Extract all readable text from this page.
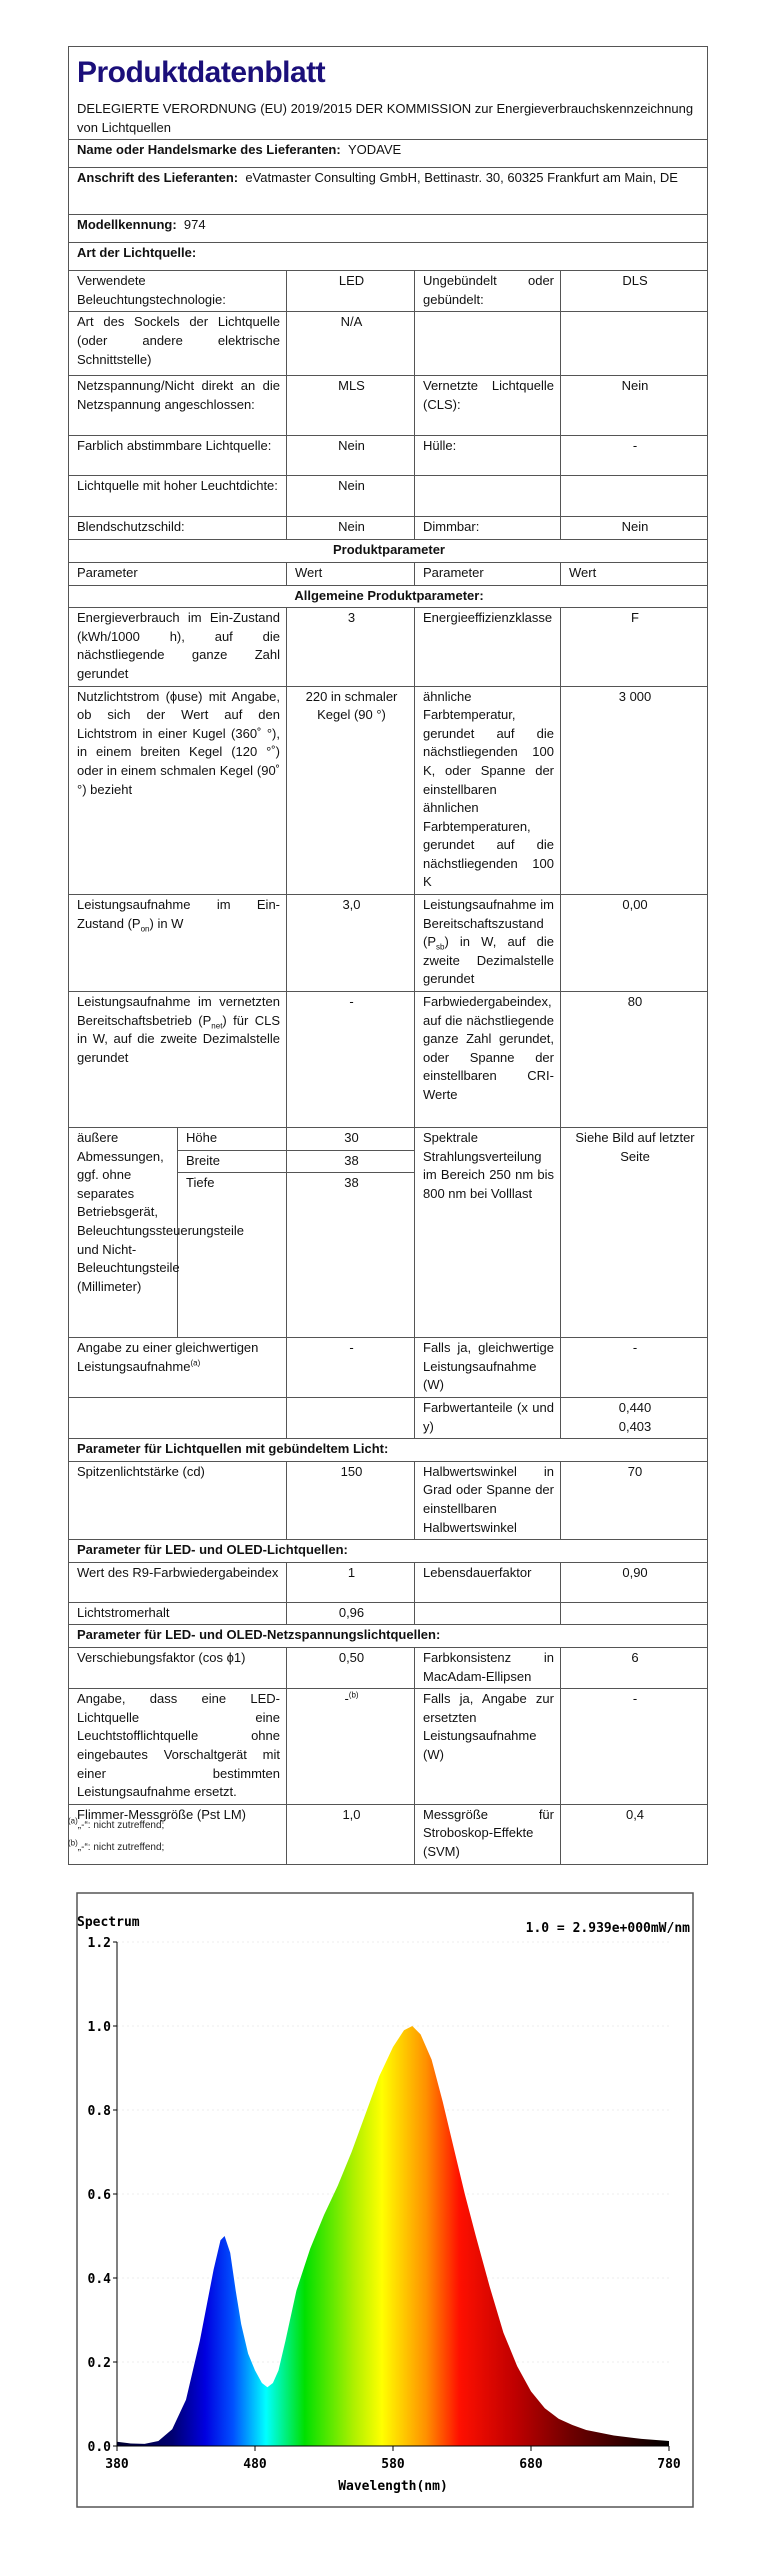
Produktdatenblatt
DELEGIERTE VERORDNUNG (EU) 2019/2015 DER KOMMISSION zur Energieverbrauchskennzeichnung von Lichtquellen				

Name oder Handelsmarke des Lieferanten: YODAVE				
Anschrift des Lieferanten: eVatmaster Consulting GmbH, Bettinastr. 30, 60325 Frankfurt am Main, DE				
Modellkennung: 974				
Art der Lichtquelle:				
Verwendete Beleuchtungstechnologie:		LED	Ungebündelt oder gebündelt:	DLS
Art des Sockels der Lichtquelle (oder andere elektrische Schnittstelle)		N/A		
Netzspannung/Nicht direkt an die Netzspannung angeschlossen:		MLS	Vernetzte Lichtquelle (CLS):	Nein
Farblich abstimmbare Lichtquelle:		Nein	Hülle:	-
Lichtquelle mit hoher Leuchtdichte:		Nein		
Blendschutzschild:		Nein	Dimmbar:	Nein
Produktparameter				
Parameter		Wert	Parameter	Wert
Allgemeine Produktparameter:				
Energieverbrauch im Ein-Zustand (kWh/1000 h), auf die nächstliegende ganze Zahl gerundet		3	Energieeffizienzklasse	F
Nutzlichtstrom (ϕuse) mit Angabe, ob sich der Wert auf den Lichtstrom in einer Kugel (360˚ °), in einem breiten Kegel (120 °˚) oder in einem schmalen Kegel (90˚ °) bezieht		220 in schmaler Kegel (90 °)	ähnliche Farbtemperatur, gerundet auf die nächstliegenden 100 K, oder Spanne der einstellbaren ähnlichen Farbtemperaturen, gerundet auf die nächstliegenden 100 K	3 000
Leistungsaufnahme im Ein-Zustand $(P_{on})$ in W		3,0	Leistungsaufnahme im Bereitschaftszustand $(P_{sb})$ in W, auf die zweite Dezimalstelle gerundet	0,00
Leistungsaufnahme im vernetzten Bereitschaftsbetrieb $(P_{net})$ für CLS in W, auf die zweite Dezimalstelle gerundet		-	Farbwiedergabeindex, auf die nächstliegende ganze Zahl gerundet, oder Spanne der einstellbaren CRI-Werte	80
äußere Abmessungen, ggf. ohne separates Betriebsgerät, Beleuchtungssteuerungsteile und Nicht-Beleuchtungsteile (Millimeter)	Höhe	30	Spektrale Strahlungsverteilung im Bereich 250 nm bis 800 nm bei Volllast	Siehe Bild auf letzter Seite
	Breite	38		
	Tiefe	38		
Angabe zu einer gleichwertigen Leistungsaufnahme$^{(a)}$		-	Falls ja, gleichwertige Leistungsaufnahme (W)	-
			Farbwertanteile (x und y)	0,440
0,403

Parameter für Lichtquellen mit gebündeltem Licht:				
Spitzenlichtstärke (cd)		150	Halbwertswinkel in Grad oder Spanne der einstellbaren Halbwertswinkel	70
Parameter für LED- und OLED-Lichtquellen:				
Wert des R9-Farbwiedergabeindex		1	Lebensdauerfaktor	0,90
Lichtstromerhalt		0,96		
Parameter für LED- und OLED-Netzspannungslichtquellen:				
Verschiebungsfaktor (cos ϕ1)		0,50	Farbkonsistenz in MacAdam-Ellipsen	6
Angabe, dass eine LED-Lichtquelle eine Leuchtstofflichtquelle ohne eingebautes Vorschaltgerät mit einer bestimmten Leistungsaufnahme ersetzt.		-$^{(b)}$	Falls ja, Angabe zur ersetzten Leistungsaufnahme (W)	-
Flimmer-Messgröße (Pst LM)		1,0	Messgröße für Stroboskop-Effekte (SVM)	0,4
$^{(a)}$„-“: nicht zutreffend;
$^{(b)}$„-“: nicht zutreffend;
Spectrum	1.0 = 2.939e+000mW/nm
0.0
0.2
0.4
0.6
0.8
1.0
1.2
380	480	580	680	780
Wavelength(nm)
